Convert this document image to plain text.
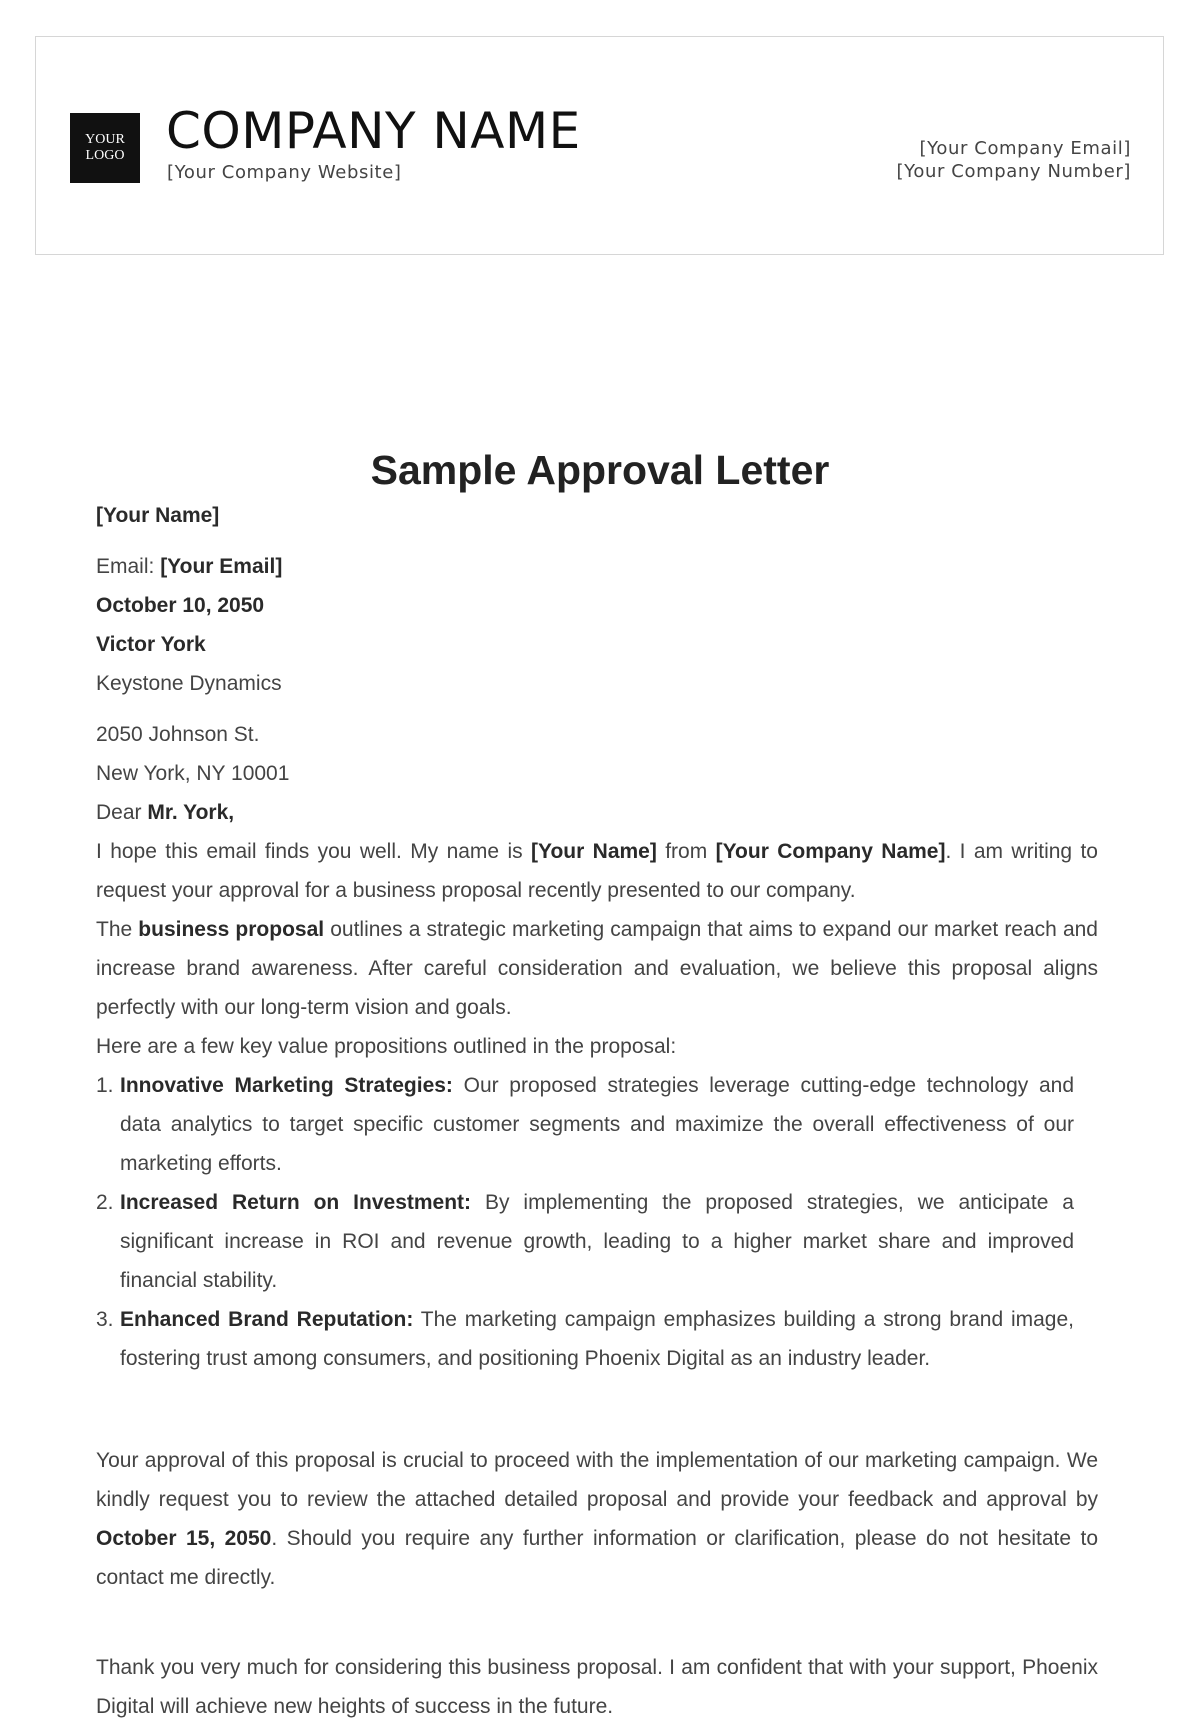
YOUR
LOGO COMPANY NAME
[Your Company Website]
[Your Company Email]
[Your Company Number]
Sample Approval Letter
[Your Name]
Email: [Your Email]
October 10, 2050
Victor York
Keystone Dynamics
2050 Johnson St.
New York, NY 10001
Dear Mr. York,

I hope this email finds you well. My name is [Your Name] from [Your Company Name]. I am writing to request your approval for a business proposal recently presented to our company.

The business proposal outlines a strategic marketing campaign that aims to expand our market reach and increase brand awareness. After careful consideration and evaluation, we believe this proposal aligns perfectly with our long-term vision and goals.

Here are a few key value propositions outlined in the proposal:
1. Innovative Marketing Strategies: Our proposed strategies leverage cutting-edge technology and data analytics to target specific customer segments and maximize the overall effectiveness of our marketing efforts.
2. Increased Return on Investment: By implementing the proposed strategies, we anticipate a significant increase in ROI and revenue growth, leading to a higher market share and improved financial stability.
3. Enhanced Brand Reputation: The marketing campaign emphasizes building a strong brand image, fostering trust among consumers, and positioning Phoenix Digital as an industry leader.

Your approval of this proposal is crucial to proceed with the implementation of our marketing campaign. We kindly request you to review the attached detailed proposal and provide your feedback and approval by October 15, 2050. Should you require any further information or clarification, please do not hesitate to contact me directly.

Thank you very much for considering this business proposal. I am confident that with your support, Phoenix Digital will achieve new heights of success in the future.
